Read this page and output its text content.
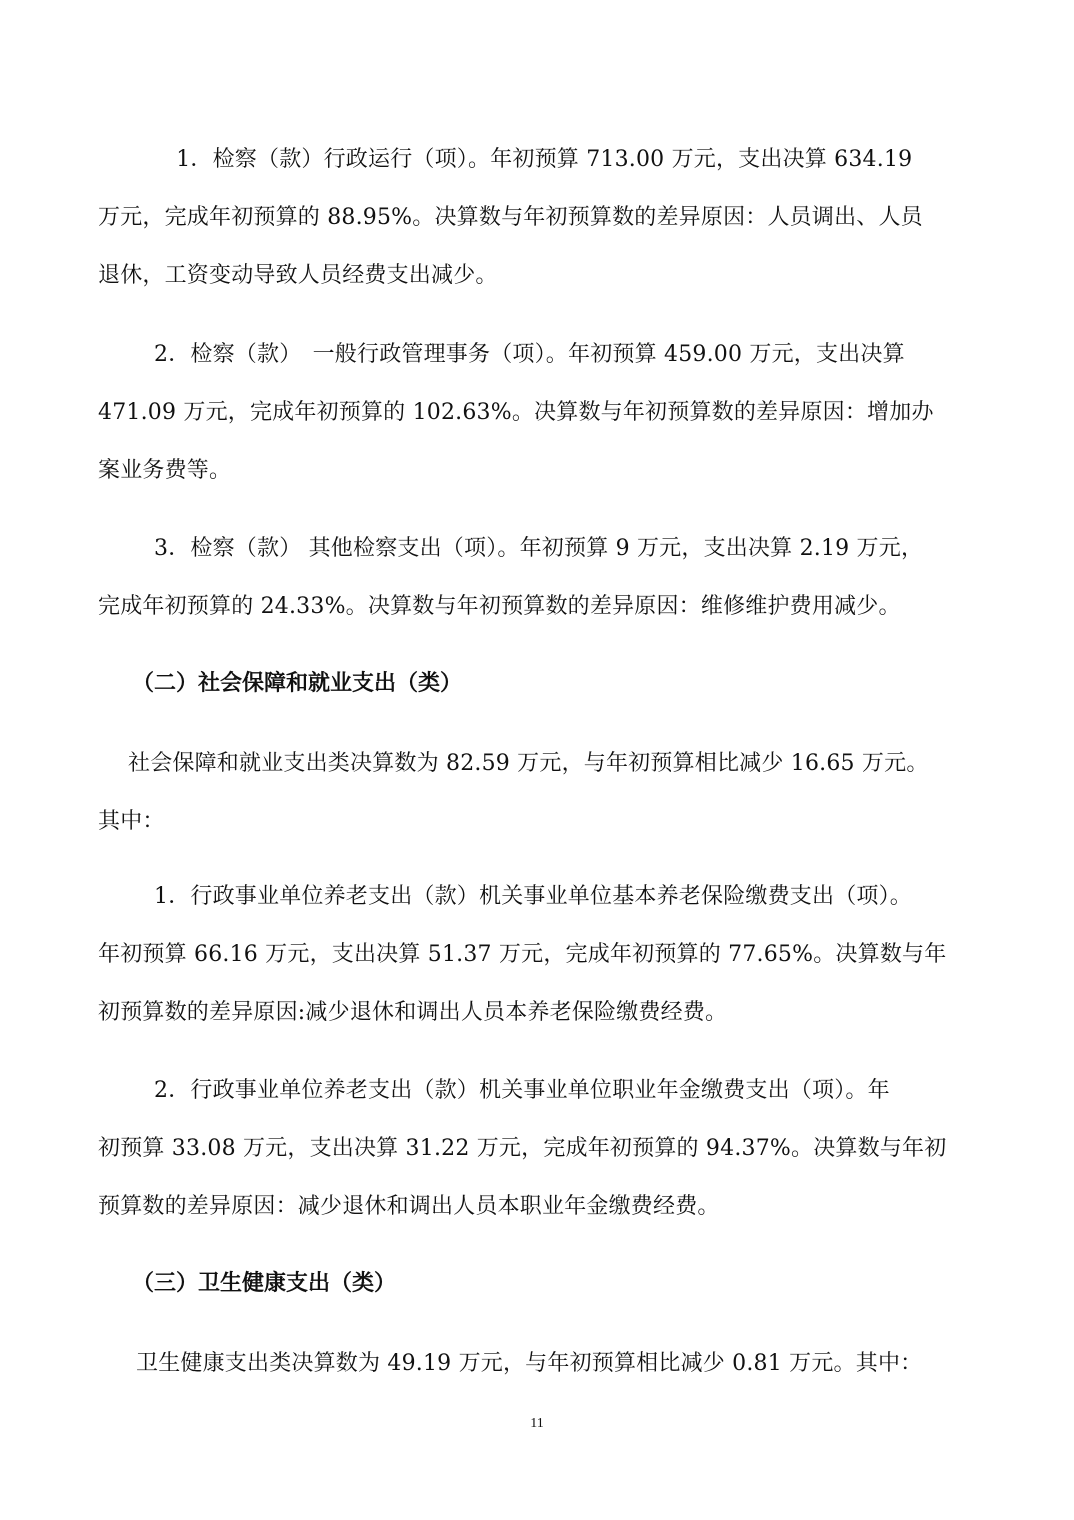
　1．检察（款）行政运行（项）。年初预算 713.00 万元，支出决算 634.19
万元，完成年初预算的 88.95%。决算数与年初预算数的差异原因：人员调出、人员
退休，工资变动导致人员经费支出减少。
2．检察（款）　一般行政管理事务（项）。年初预算 459.00 万元，支出决算
471.09 万元，完成年初预算的 102.63%。决算数与年初预算数的差异原因：增加办
案业务费等。
3．检察（款） 其他检察支出（项）。年初预算 9 万元，支出决算 2.19 万元，
完成年初预算的 24.33%。决算数与年初预算数的差异原因：维修维护费用减少。
（二）社会保障和就业支出（类）
社会保障和就业支出类决算数为 82.59 万元，与年初预算相比减少 16.65 万元。
其中：
1．行政事业单位养老支出（款）机关事业单位基本养老保险缴费支出（项）。
年初预算 66.16 万元，支出决算 51.37 万元，完成年初预算的 77.65%。决算数与年
初预算数的差异原因:减少退休和调出人员本养老保险缴费经费。
2．行政事业单位养老支出（款）机关事业单位职业年金缴费支出（项）。年
初预算 33.08 万元，支出决算 31.22 万元，完成年初预算的 94.37%。决算数与年初
预算数的差异原因：减少退休和调出人员本职业年金缴费经费。
（三）卫生健康支出（类）
卫生健康支出类决算数为 49.19 万元，与年初预算相比减少 0.81 万元。其中：
11
